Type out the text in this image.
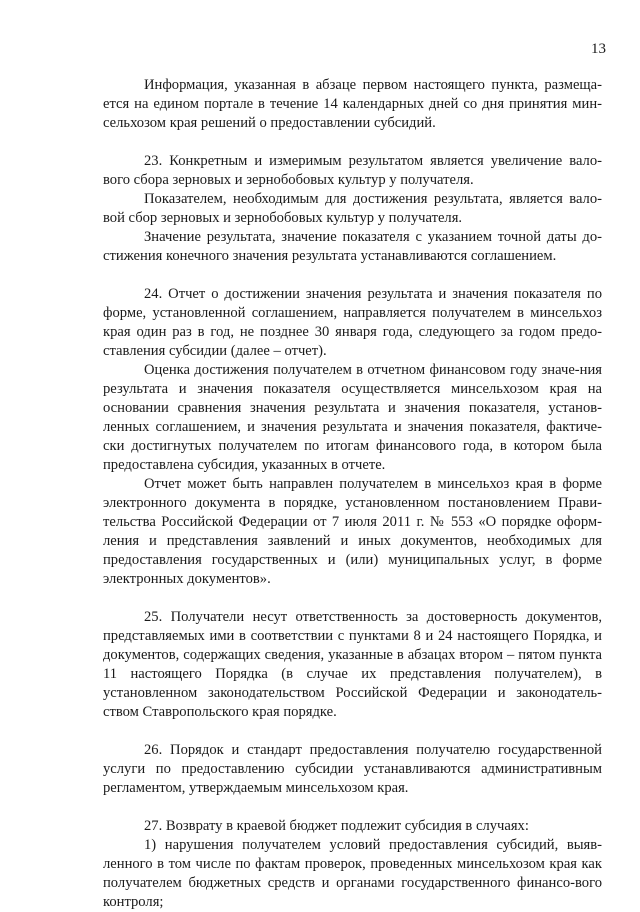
13

Информация, указанная в абзаце первом настоящего пункта, размеща-ется на едином портале в течение 14 календарных дней со дня принятия мин-сельхозом края решений о предоставлении субсидий.

23. Конкретным и измеримым результатом является увеличение вало-вого сбора зерновых и зернобобовых культур у получателя.

Показателем, необходимым для достижения результата, является вало-вой сбор зерновых и зернобобовых культур у получателя.

Значение результата, значение показателя с указанием точной даты до-стижения конечного значения результата устанавливаются соглашением.

24. Отчет о достижении значения результата и значения показателя по форме, установленной соглашением, направляется получателем в минсельхоз края один раз в год, не позднее 30 января года, следующего за годом предо-ставления субсидии (далее – отчет).

Оценка достижения получателем в отчетном финансовом году значе-ния результата и значения показателя осуществляется минсельхозом края на основании сравнения значения результата и значения показателя, установ-ленных соглашением, и значения результата и значения показателя, фактиче-ски достигнутых получателем по итогам финансового года, в котором была предоставлена субсидия, указанных в отчете.

Отчет может быть направлен получателем в минсельхоз края в форме электронного документа в порядке, установленном постановлением Прави-тельства Российской Федерации от 7 июля 2011 г. № 553 «О порядке оформ-ления и представления заявлений и иных документов, необходимых для предоставления государственных и (или) муниципальных услуг, в форме электронных документов».

25. Получатели несут ответственность за достоверность документов, представляемых ими в соответствии с пунктами 8 и 24 настоящего Порядка, и документов, содержащих сведения, указанные в абзацах втором – пятом пункта 11 настоящего Порядка (в случае их представления получателем), в установленном законодательством Российской Федерации и законодатель-ством Ставропольского края порядке.

26. Порядок и стандарт предоставления получателю государственной услуги по предоставлению субсидии устанавливаются административным регламентом, утверждаемым минсельхозом края.

27. Возврату в краевой бюджет подлежит субсидия в случаях:

1) нарушения получателем условий предоставления субсидий, выяв-ленного в том числе по фактам проверок, проведенных минсельхозом края как получателем бюджетных средств и органами государственного финансо-вого контроля;
